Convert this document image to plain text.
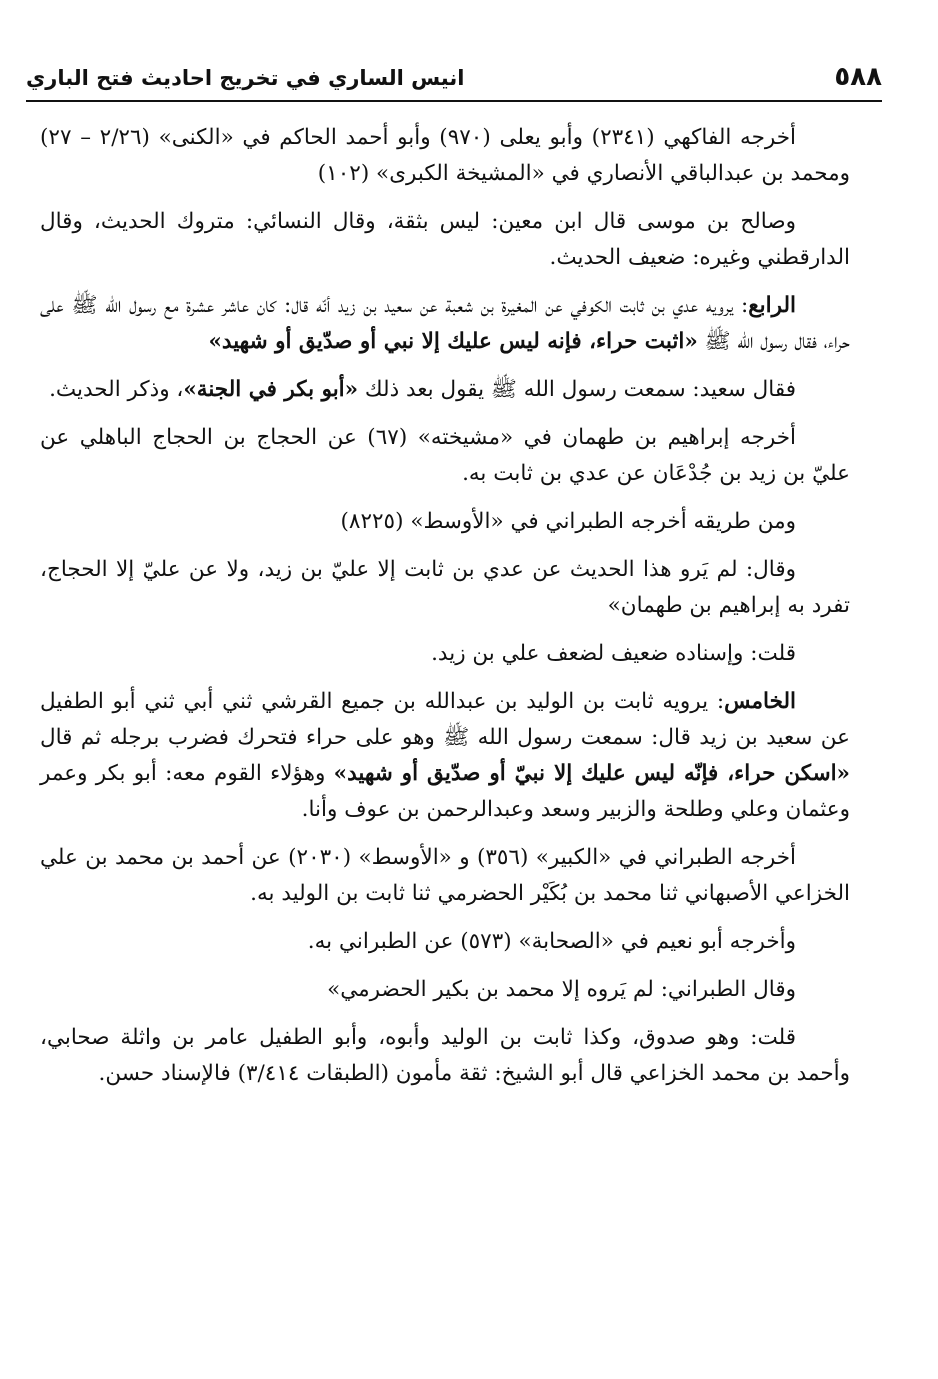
٥٨٨
انيس الساري في تخريج احاديث فتح الباري

أخرجه الفاكهي (٢٣٤١) وأبو يعلى (٩٧٠) وأبو أحمد الحاكم في «الكنى» (٢/٢٦ – ٢٧) ومحمد بن عبدالباقي الأنصاري في «المشيخة الكبرى» (١٠٢)

وصالح بن موسى قال ابن معين: ليس بثقة، وقال النسائي: متروك الحديث، وقال الدارقطني وغيره: ضعيف الحديث.

الرابع: يرويه عدي بن ثابت الكوفي عن المغيرة بن شعبة عن سعيد بن زيد أنّه قال: كان عاشر عشرة مع رسول الله ﷺ على حراء، فقال رسول الله ﷺ «اثبت حراء، فإنه ليس عليك إلا نبي أو صدّيق أو شهيد»

فقال سعيد: سمعت رسول الله ﷺ يقول بعد ذلك «أبو بكر في الجنة»، وذكر الحديث.

أخرجه إبراهيم بن طهمان في «مشيخته» (٦٧) عن الحجاج بن الحجاج الباهلي عن عليّ بن زيد بن جُدْعَان عن عدي بن ثابت به.

ومن طريقه أخرجه الطبراني في «الأوسط» (٨٢٢٥)

وقال: لم يَرو هذا الحديث عن عدي بن ثابت إلا عليّ بن زيد، ولا عن عليّ إلا الحجاج، تفرد به إبراهيم بن طهمان»

قلت: وإسناده ضعيف لضعف علي بن زيد.

الخامس: يرويه ثابت بن الوليد بن عبدالله بن جميع القرشي ثني أبي ثني أبو الطفيل عن سعيد بن زيد قال: سمعت رسول الله ﷺ وهو على حراء فتحرك فضرب برجله ثم قال «اسكن حراء، فإنّه ليس عليك إلا نبيّ أو صدّيق أو شهيد» وهؤلاء القوم معه: أبو بكر وعمر وعثمان وعلي وطلحة والزبير وسعد وعبدالرحمن بن عوف وأنا.

أخرجه الطبراني في «الكبير» (٣٥٦) و «الأوسط» (٢٠٣٠) عن أحمد بن محمد بن علي الخزاعي الأصبهاني ثنا محمد بن بُكَيْر الحضرمي ثنا ثابت بن الوليد به.

وأخرجه أبو نعيم في «الصحابة» (٥٧٣) عن الطبراني به.

وقال الطبراني: لم يَروه إلا محمد بن بكير الحضرمي»

قلت: وهو صدوق، وكذا ثابت بن الوليد وأبوه، وأبو الطفيل عامر بن واثلة صحابي، وأحمد بن محمد الخزاعي قال أبو الشيخ: ثقة مأمون (الطبقات ٣/٤١٤) فالإسناد حسن.
